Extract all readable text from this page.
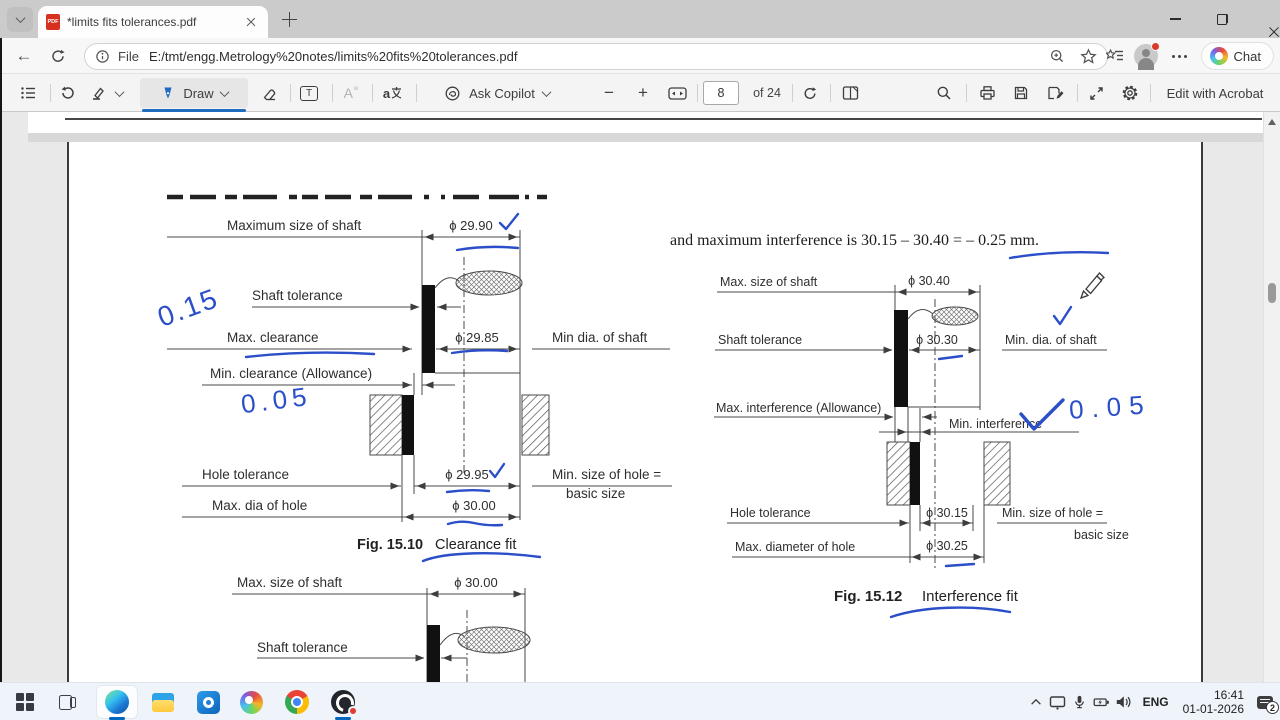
PDF *limits fits tolerances.pdf
←	File E:/tmt/engg.Metrology%20notes/limits%20fits%20tolerances.pdf	Chat
Draw	T	A ʷ a	Ask Copilot	− +
8	of 24	Edit with Acrobat
Maximum size of shaft	ϕ 29.90
Shaft tolerance
Max. clearance	ϕ 29.85	Min dia. of shaft
Min. clearance (Allowance)
Hole tolerance	ϕ 29.95	Min. size of hole =
basic size
Max. dia of hole	ϕ 30.00
Fig. 15.10 Clearance fit
Max. size of shaft	ϕ 30.00
Shaft tolerance
and maximum interference is 30.15 – 30.40 = – 0.25 mm.
Max. size of shaft	ϕ 30.40
Shaft tolerance	ϕ 30.30	Min. dia. of shaft
Max. interference (Allowance)
Min. interference
Hole tolerance	ϕ 30.15	Min. size of hole =
basic size
Max. diameter of hole	ϕ 30.25
Fig. 15.12 Interference fit
0.15
0.05	0.05
ENG	16:41
01-01-2026	2
